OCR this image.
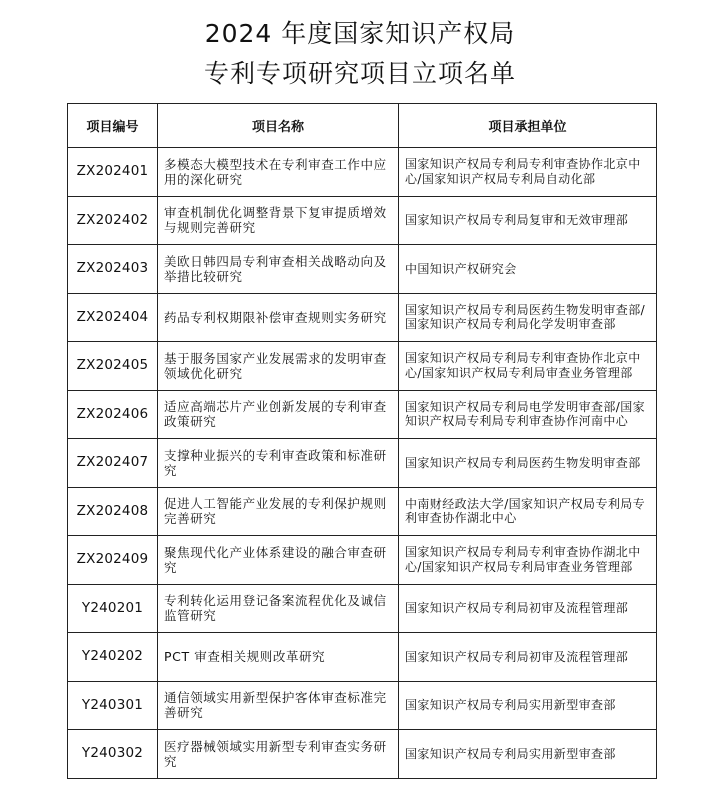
2024 年度国家知识产权局
专利专项研究项目立项名单
项目编号	项目名称	项目承担单位
ZX202401	多模态大模型技术在专利审查工作中应用的深化研究	国家知识产权局专利局专利审查协作北京中心/国家知识产权局专利局自动化部
ZX202402	审查机制优化调整背景下复审提质增效与规则完善研究	国家知识产权局专利局复审和无效审理部
ZX202403	美欧日韩四局专利审查相关战略动向及举措比较研究	中国知识产权研究会
ZX202404	药品专利权期限补偿审查规则实务研究	国家知识产权局专利局医药生物发明审查部/国家知识产权局专利局化学发明审查部
ZX202405	基于服务国家产业发展需求的发明审查领域优化研究	国家知识产权局专利局专利审查协作北京中心/国家知识产权局专利局审查业务管理部
ZX202406	适应高端芯片产业创新发展的专利审查政策研究	国家知识产权局专利局电学发明审查部/国家知识产权局专利局专利审查协作河南中心
ZX202407	支撑种业振兴的专利审查政策和标准研究	国家知识产权局专利局医药生物发明审查部
ZX202408	促进人工智能产业发展的专利保护规则完善研究	中南财经政法大学/国家知识产权局专利局专利审查协作湖北中心
ZX202409	聚焦现代化产业体系建设的融合审查研究	国家知识产权局专利局专利审查协作湖北中心/国家知识产权局专利局审查业务管理部
Y240201	专利转化运用登记备案流程优化及诚信监管研究	国家知识产权局专利局初审及流程管理部
Y240202	PCT 审查相关规则改革研究	国家知识产权局专利局初审及流程管理部
Y240301	通信领域实用新型保护客体审查标准完善研究	国家知识产权局专利局实用新型审查部
Y240302	医疗器械领域实用新型专利审查实务研究	国家知识产权局专利局实用新型审查部
